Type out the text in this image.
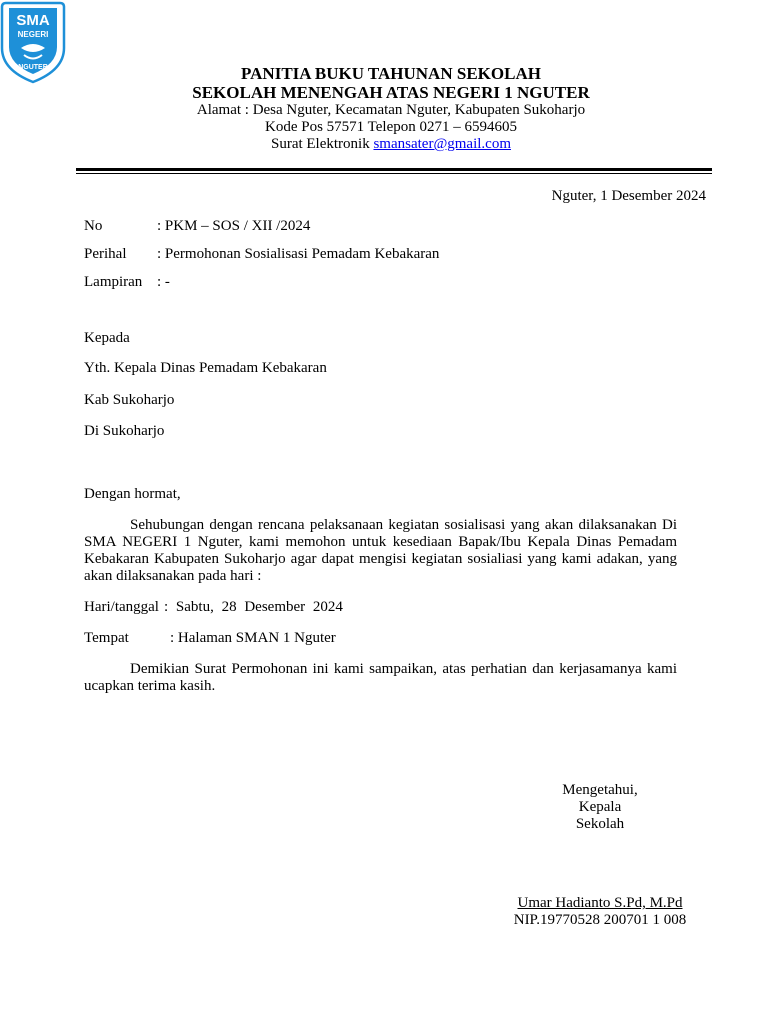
SMA
NEGERI
NGUTER	PANITIA BUKU TAHUNAN SEKOLAH
SEKOLAH MENENGAH ATAS NEGERI 1 NGUTER
Alamat : Desa Nguter, Kecamatan Nguter, Kabupaten Sukoharjo
Kode Pos 57571 Telepon 0271 – 6594605
Surat Elektronik smansater@gmail.com
Nguter, 1 Desember 2024
No	: PKM – SOS / XII /2024
Perihal : Permohonan Sosialisasi Pemadam Kebakaran
Lampiran : -
Kepada
Yth. Kepala Dinas Pemadam Kebakaran
Kab Sukoharjo
Di Sukoharjo
Dengan hormat,

Sehubungan dengan rencana pelaksanaan kegiatan sosialisasi yang akan dilaksanakan Di SMA NEGERI 1 Nguter, kami memohon untuk kesediaan Bapak/Ibu Kepala Dinas Pemadam Kebakaran Kabupaten Sukoharjo agar dapat mengisi kegiatan sosialiasi yang kami adakan, yang akan dilaksanakan pada hari :

Hari/tanggal : Sabtu, 28 Desember 2024
Tempat	: Halaman SMAN 1 Nguter

Demikian Surat Permohonan ini kami sampaikan, atas perhatian dan kerjasamanya kami ucapkan terima kasih.

Mengetahui,
Kepala
Sekolah
Umar Hadianto S.Pd, M.Pd
NIP.19770528 200701 1 008
